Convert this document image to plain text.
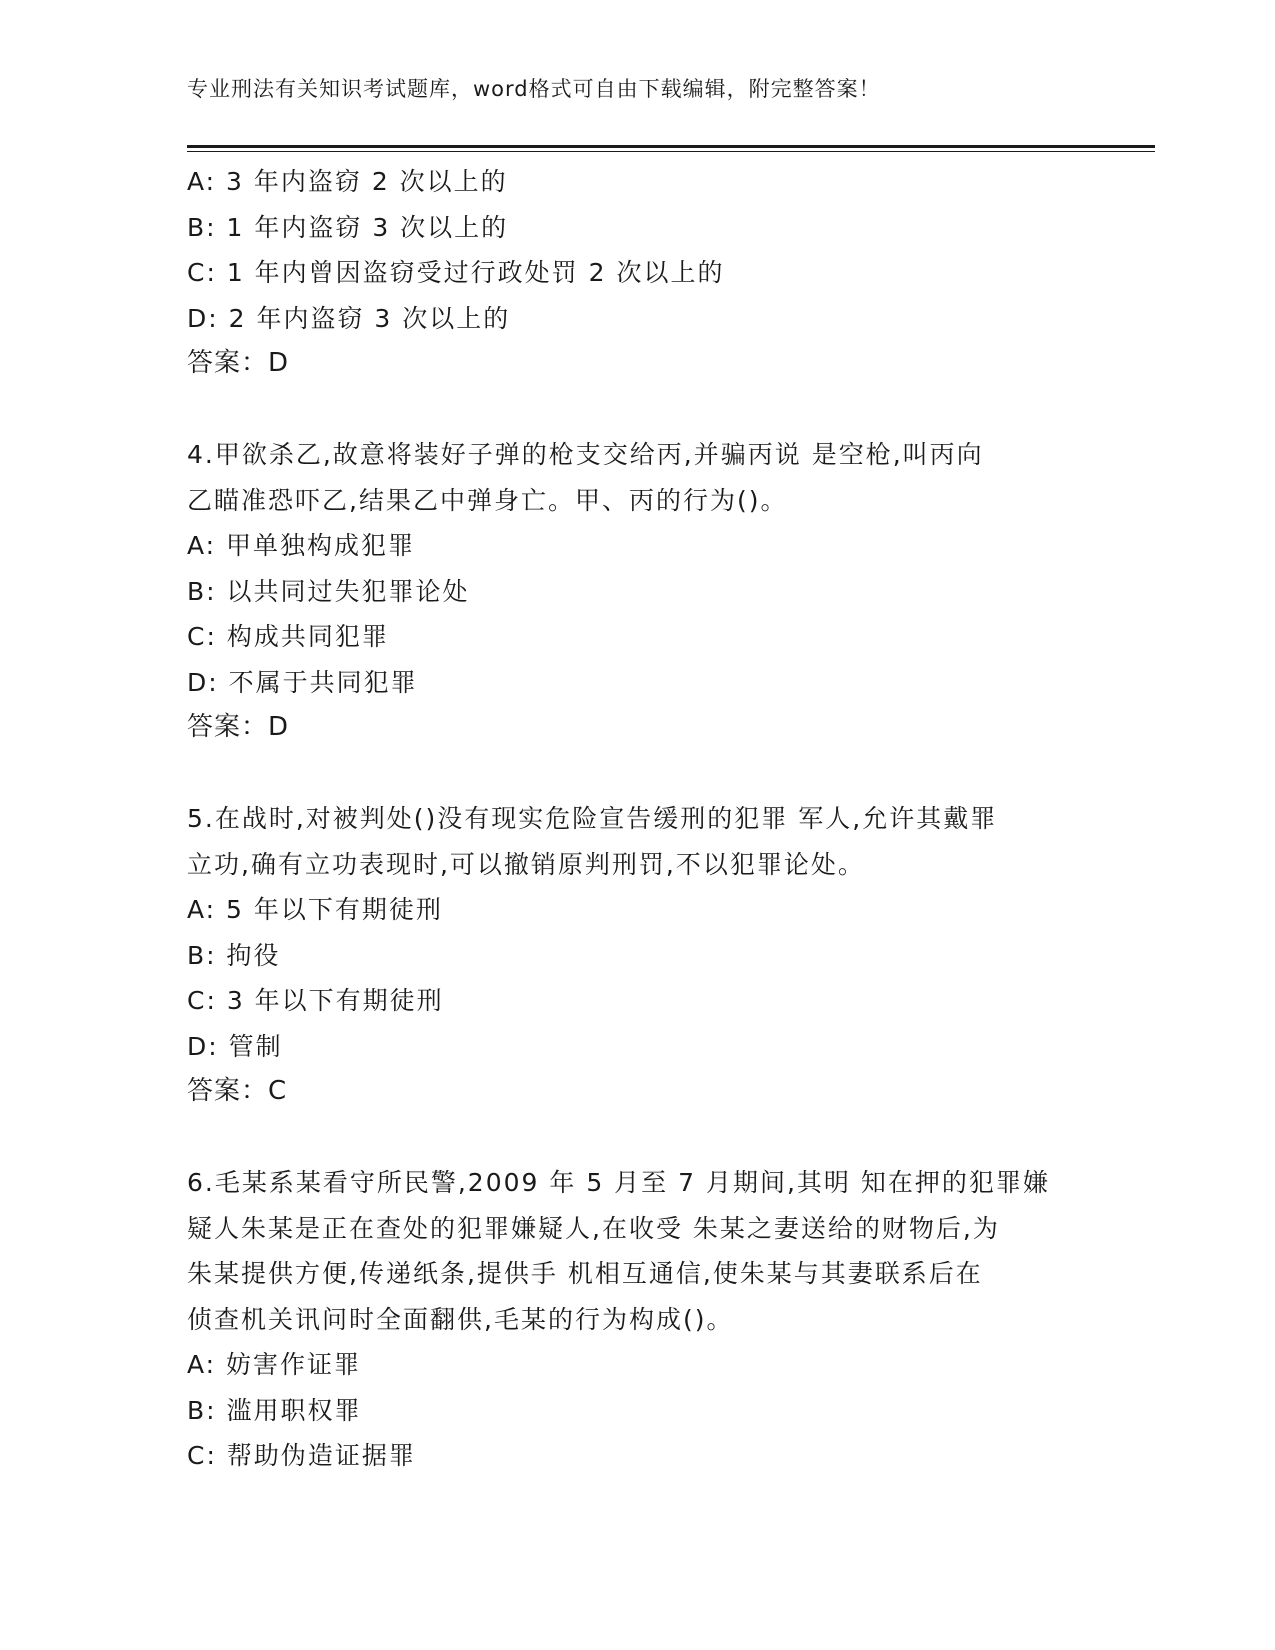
专业刑法有关知识考试题库，word格式可自由下载编辑，附完整答案！
A: 3 年内盗窃 2 次以上的
B: 1 年内盗窃 3 次以上的
C: 1 年内曾因盗窃受过行政处罚 2 次以上的
D: 2 年内盗窃 3 次以上的
答案：D
4.甲欲杀乙,故意将装好子弹的枪支交给丙,并骗丙说 是空枪,叫丙向
乙瞄准恐吓乙,结果乙中弹身亡。甲、丙的行为()。
A: 甲单独构成犯罪
B: 以共同过失犯罪论处
C: 构成共同犯罪
D: 不属于共同犯罪
答案：D
5.在战时,对被判处()没有现实危险宣告缓刑的犯罪 军人,允许其戴罪
立功,确有立功表现时,可以撤销原判刑罚,不以犯罪论处。
A: 5 年以下有期徒刑
B: 拘役
C: 3 年以下有期徒刑
D: 管制
答案：C
6.毛某系某看守所民警,2009 年 5 月至 7 月期间,其明 知在押的犯罪嫌
疑人朱某是正在查处的犯罪嫌疑人,在收受 朱某之妻送给的财物后,为
朱某提供方便,传递纸条,提供手 机相互通信,使朱某与其妻联系后在
侦查机关讯问时全面翻供,毛某的行为构成()。
A: 妨害作证罪
B: 滥用职权罪
C: 帮助伪造证据罪
